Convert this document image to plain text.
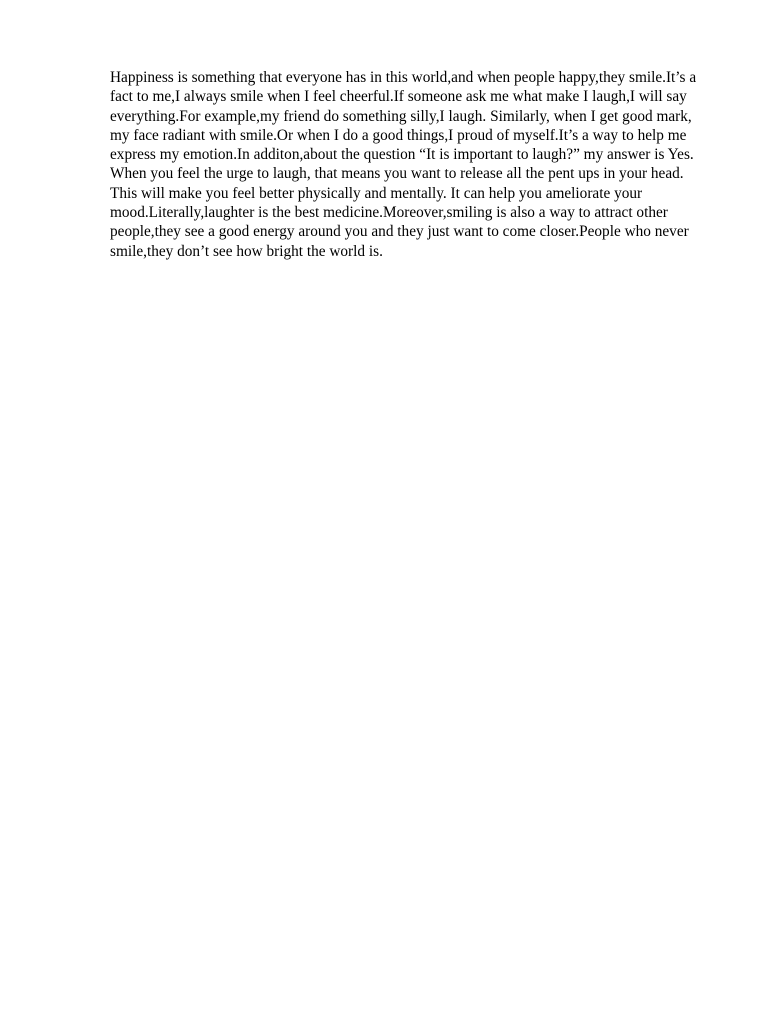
Happiness is something that everyone has in this world,and when people happy,they smile.It’s a fact to me,I always smile when I feel cheerful.If someone ask me what make I laugh,I will say everything.For example,my friend do something silly,I laugh. Similarly, when I get good mark, my face radiant with smile.Or when I do a good things,I proud of myself.It’s a way to help me express my emotion.In additon,about the question “It is important to laugh?” my answer is Yes. When you feel the urge to laugh, that means you want to release all the pent ups in your head. This will make you feel better physically and mentally. It can help you ameliorate your mood.Literally,laughter is the best medicine.Moreover,smiling is also a way to attract other people,they see a good energy around you and they just want to come closer.People who never smile,they don’t see how bright the world is.
